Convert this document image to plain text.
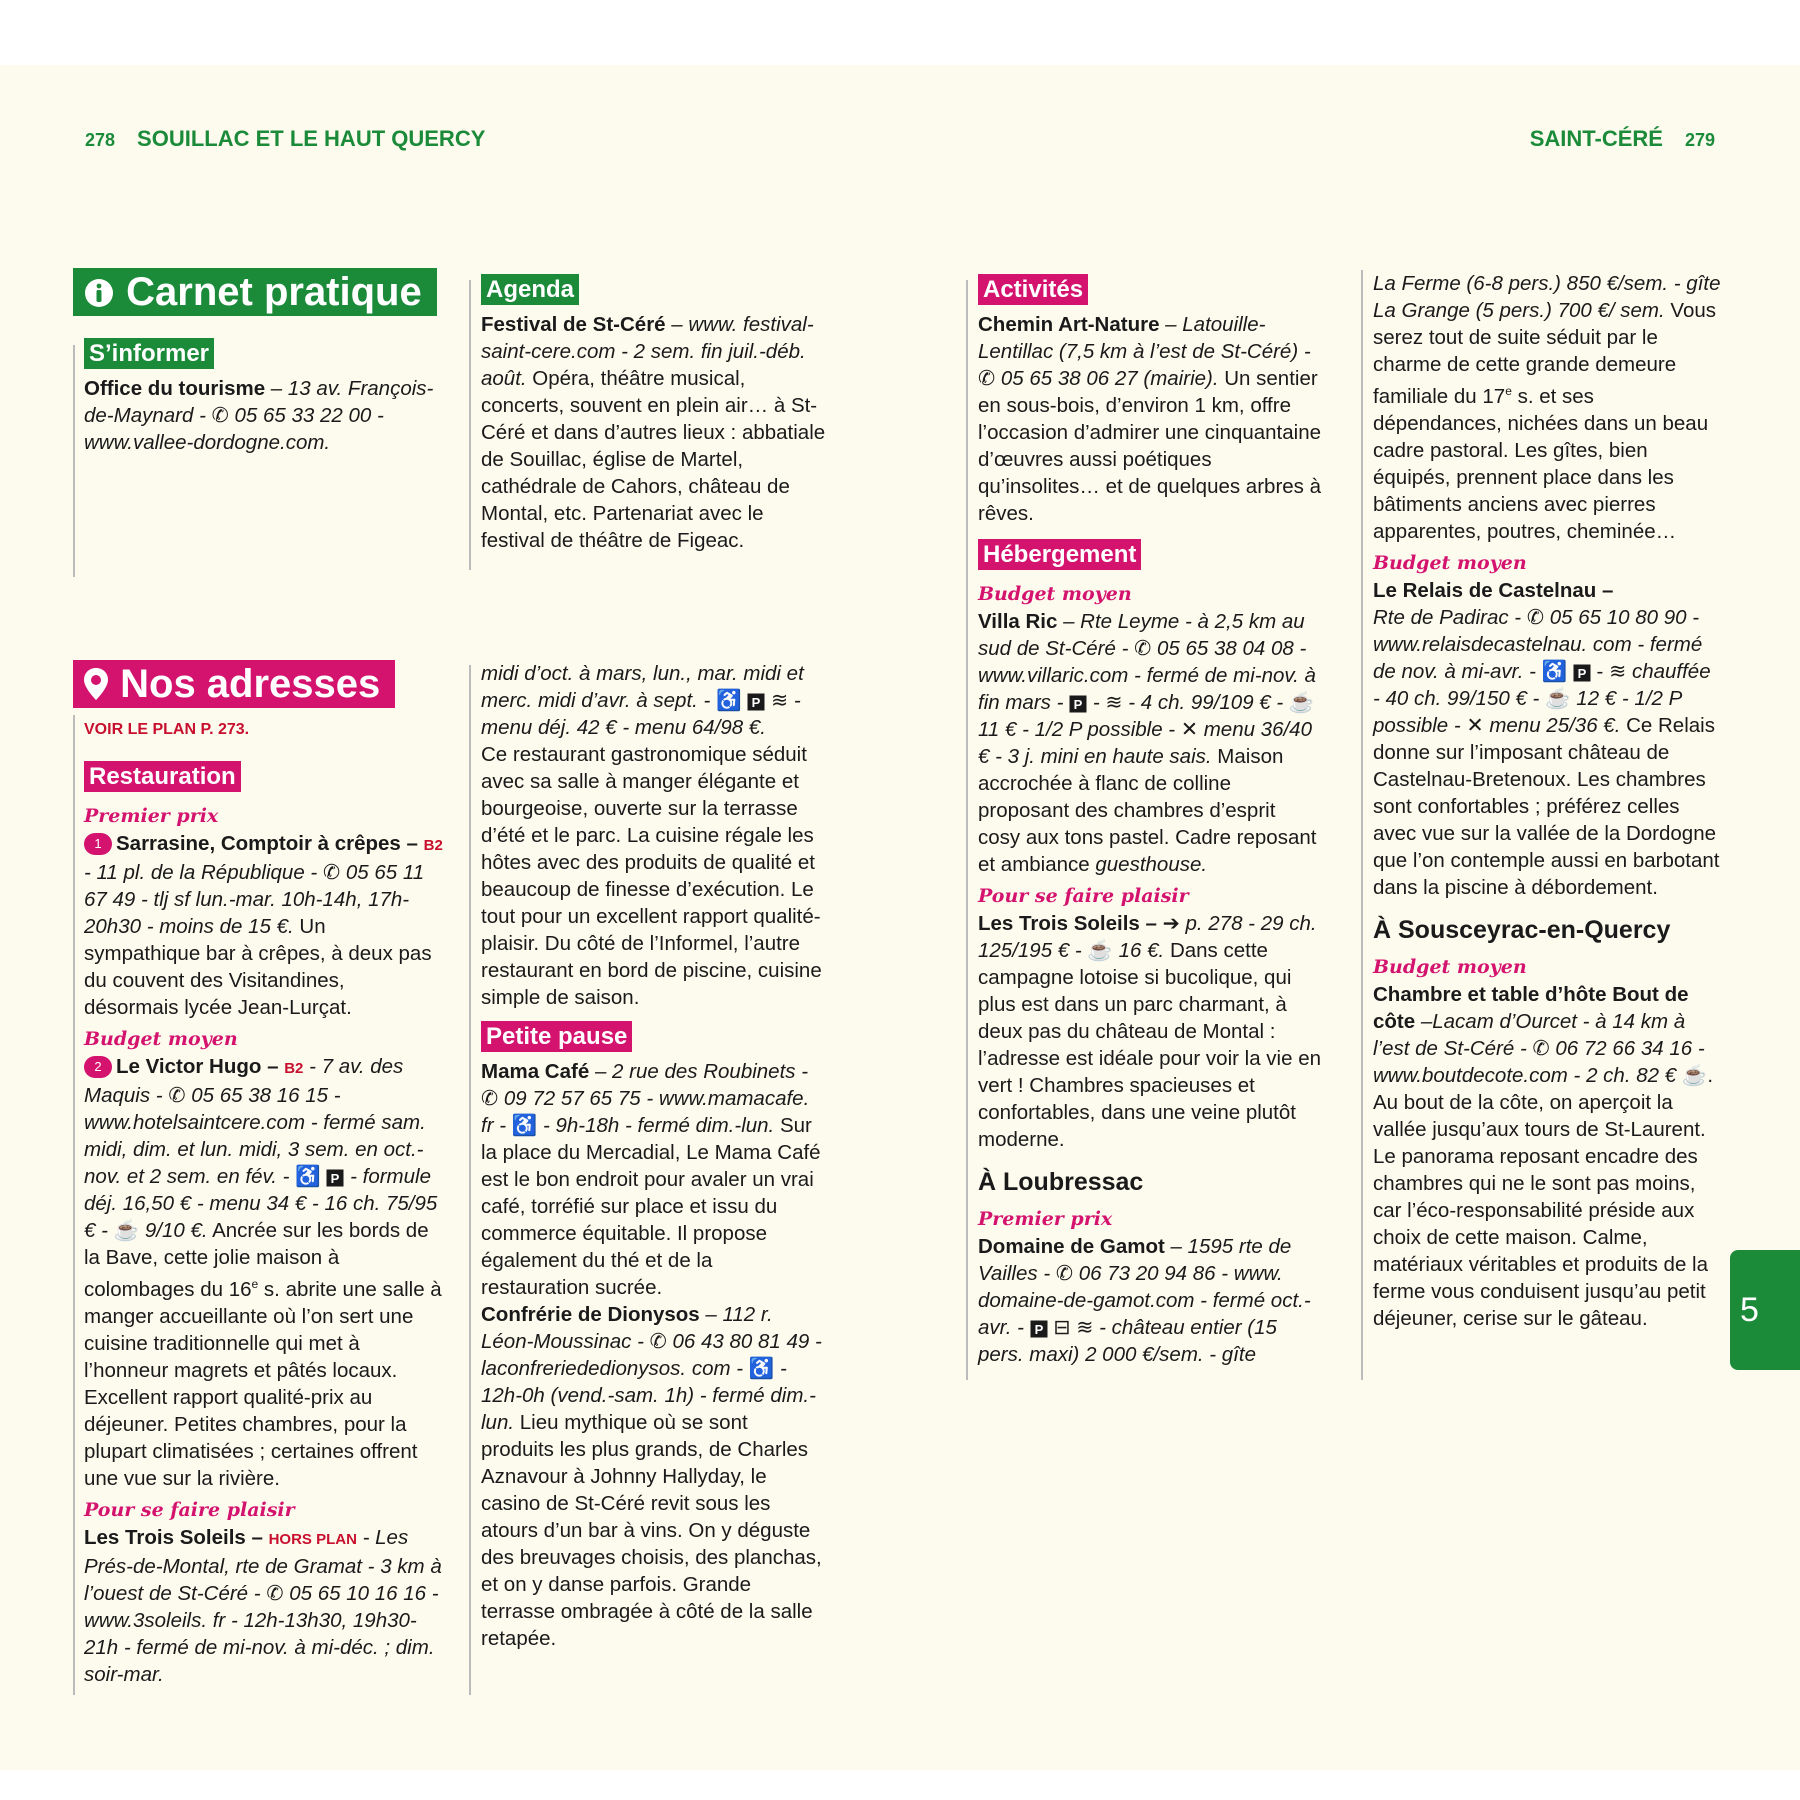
278 SOUILLAC ET LE HAUT QUERCY	SAINT-CÉRÉ 279
Carnet pratique
S’informer

Office du tourisme – 13 av. François-de-Maynard - ✆ 05 65 33 22 00 - www.vallee-dordogne.com.

Agenda

Festival de St-Céré – www. festival-saint-cere.com - 2 sem. fin juil.-déb. août. Opéra, théâtre musical, concerts, souvent en plein air… à St-Céré et dans d’autres lieux : abbatiale de Souillac, église de Martel, cathédrale de Cahors, château de Montal, etc. Partenariat avec le festival de théâtre de Figeac.

Nos adresses
VOIR LE PLAN P. 273.
Restauration
Premier prix

1 Sarrasine, Comptoir à crêpes – B2 - 11 pl. de la République - ✆ 05 65 11 67 49 - tlj sf lun.-mar. 10h-14h, 17h-20h30 - moins de 15 €. Un sympathique bar à crêpes, à deux pas du couvent des Visitandines, désormais lycée Jean-Lurçat.

Budget moyen

2 Le Victor Hugo – B2 - 7 av. des Maquis - ✆ 05 65 38 16 15 - www.hotelsaintcere.com - fermé sam. midi, dim. et lun. midi, 3 sem. en oct.-nov. et 2 sem. en fév. - ♿ P - formule déj. 16,50 € - menu 34 € - 16 ch. 75/95 € - ☕ 9/10 €. Ancrée sur les bords de la Bave, cette jolie maison à colombages du 16e s. abrite une salle à manger accueillante où l’on sert une cuisine traditionnelle qui met à l’honneur magrets et pâtés locaux. Excellent rapport qualité-prix au déjeuner. Petites chambres, pour la plupart climatisées ; certaines offrent une vue sur la rivière.

Pour se faire plaisir

Les Trois Soleils – HORS PLAN - Les Prés-de-Montal, rte de Gramat - 3 km à l’ouest de St-Céré - ✆ 05 65 10 16 16 - www.3soleils. fr - 12h-13h30, 19h30-21h - fermé de mi-nov. à mi-déc. ; dim. soir-mar.

midi d’oct. à mars, lun., mar. midi et merc. midi d’avr. à sept. - ♿ P ≋ - menu déj. 42 € - menu 64/98 €.

Ce restaurant gastronomique séduit avec sa salle à manger élégante et bourgeoise, ouverte sur la terrasse d’été et le parc. La cuisine régale les hôtes avec des produits de qualité et beaucoup de finesse d’exécution. Le tout pour un excellent rapport qualité-plaisir. Du côté de l’Informel, l’autre restaurant en bord de piscine, cuisine simple de saison.

Petite pause

Mama Café – 2 rue des Roubinets - ✆ 09 72 57 65 75 - www.mamacafe. fr - ♿ - 9h-18h - fermé dim.-lun. Sur la place du Mercadial, Le Mama Café est le bon endroit pour avaler un vrai café, torréfié sur place et issu du commerce équitable. Il propose également du thé et de la restauration sucrée.

Confrérie de Dionysos – 112 r. Léon-Moussinac - ✆ 06 43 80 81 49 - laconfreriededionysos. com - ♿ - 12h-0h (vend.-sam. 1h) - fermé dim.-lun. Lieu mythique où se sont produits les plus grands, de Charles Aznavour à Johnny Hallyday, le casino de St-Céré revit sous les atours d’un bar à vins. On y déguste des breuvages choisis, des planchas, et on y danse parfois. Grande terrasse ombragée à côté de la salle retapée.

Activités

Chemin Art-Nature – Latouille-Lentillac (7,5 km à l’est de St-Céré) - ✆ 05 65 38 06 27 (mairie). Un sentier en sous-bois, d’environ 1 km, offre l’occasion d’admirer une cinquantaine d’œuvres aussi poétiques qu’insolites… et de quelques arbres à rêves.

Hébergement
Budget moyen

Villa Ric – Rte Leyme - à 2,5 km au sud de St-Céré - ✆ 05 65 38 04 08 - www.villaric.com - fermé de mi-nov. à fin mars - P - ≋ - 4 ch. 99/109 € - ☕ 11 € - 1/2 P possible - ✕ menu 36/40 € - 3 j. mini en haute sais. Maison accrochée à flanc de colline proposant des chambres d’esprit cosy aux tons pastel. Cadre reposant et ambiance guesthouse.

Pour se faire plaisir

Les Trois Soleils – ➔ p. 278 - 29 ch. 125/195 € - ☕ 16 €. Dans cette campagne lotoise si bucolique, qui plus est dans un parc charmant, à deux pas du château de Montal : l’adresse est idéale pour voir la vie en vert ! Chambres spacieuses et confortables, dans une veine plutôt moderne.

À Loubressac
Premier prix

Domaine de Gamot – 1595 rte de Vailles - ✆ 06 73 20 94 86 - www. domaine-de-gamot.com - fermé oct.-avr. - P ⊟ ≋ - château entier (15 pers. maxi) 2 000 €/sem. - gîte

La Ferme (6-8 pers.) 850 €/sem. - gîte La Grange (5 pers.) 700 €/ sem. Vous serez tout de suite séduit par le charme de cette grande demeure familiale du 17e s. et ses dépendances, nichées dans un beau cadre pastoral. Les gîtes, bien équipés, prennent place dans les bâtiments anciens avec pierres apparentes, poutres, cheminée…

Budget moyen

Le Relais de Castelnau –
Rte de Padirac - ✆ 05 65 10 80 90 - www.relaisdecastelnau. com - fermé de nov. à mi-avr. - ♿ P - ≋ chauffée - 40 ch. 99/150 € - ☕ 12 € - 1/2 P possible - ✕ menu 25/36 €. Ce Relais donne sur l’imposant château de Castelnau-Bretenoux. Les chambres sont confortables ; préférez celles avec vue sur la vallée de la Dordogne que l’on contemple aussi en barbotant dans la piscine à débordement.

À Sousceyrac-en-Quercy
Budget moyen

Chambre et table d’hôte Bout de côte –Lacam d’Ourcet - à 14 km à l’est de St-Céré - ✆ 06 72 66 34 16 - www.boutdecote.com - 2 ch. 82 € ☕. Au bout de la côte, on aperçoit la vallée jusqu’aux tours de St-Laurent. Le panorama reposant encadre des chambres qui ne le sont pas moins, car l’éco-responsabilité préside aux choix de cette maison. Calme, matériaux véritables et produits de la ferme vous conduisent jusqu’au petit déjeuner, cerise sur le gâteau.	5
